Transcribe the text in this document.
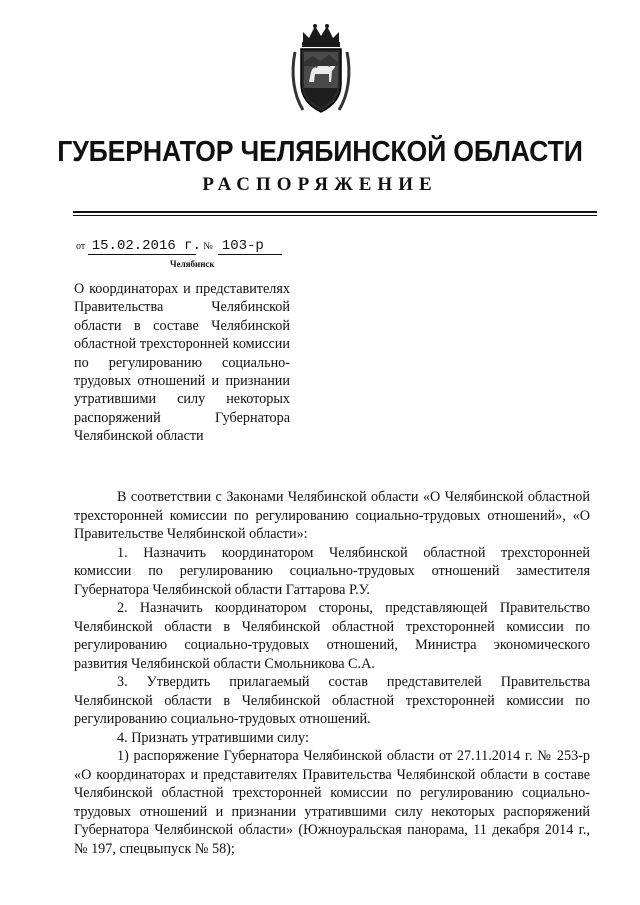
ГУБЕРНАТОР ЧЕЛЯБИНСКОЙ ОБЛАСТИ
РАСПОРЯЖЕНИЕ
от 15.02.2016 г. № 103-р
Челябинск
О координаторах и представителях Правительства Челябинской области в составе Челябинской областной трехсторонней комиссии по регулированию социально-трудовых отношений и признании утратившими силу некоторых распоряжений Губернатора Челябинской области

В соответствии с Законами Челябинской области «О Челябинской областной трехсторонней комиссии по регулированию социально-трудовых отношений», «О Правительстве Челябинской области»:

1. Назначить координатором Челябинской областной трехсторонней комиссии по регулированию социально-трудовых отношений заместителя Губернатора Челябинской области Гаттарова Р.У.

2. Назначить координатором стороны, представляющей Правительство Челябинской области в Челябинской областной трехсторонней комиссии по регулированию социально-трудовых отношений, Министра экономического развития Челябинской области Смольникова С.А.

3. Утвердить прилагаемый состав представителей Правительства Челябинской области в Челябинской областной трехсторонней комиссии по регулированию социально-трудовых отношений.

4. Признать утратившими силу:

1) распоряжение Губернатора Челябинской области от 27.11.2014 г. № 253-р «О координаторах и представителях Правительства Челябинской области в составе Челябинской областной трехсторонней комиссии по регулированию социально-трудовых отношений и признании утратившими силу некоторых распоряжений Губернатора Челябинской области» (Южноуральская панорама, 11 декабря 2014 г., № 197, спецвыпуск № 58);
